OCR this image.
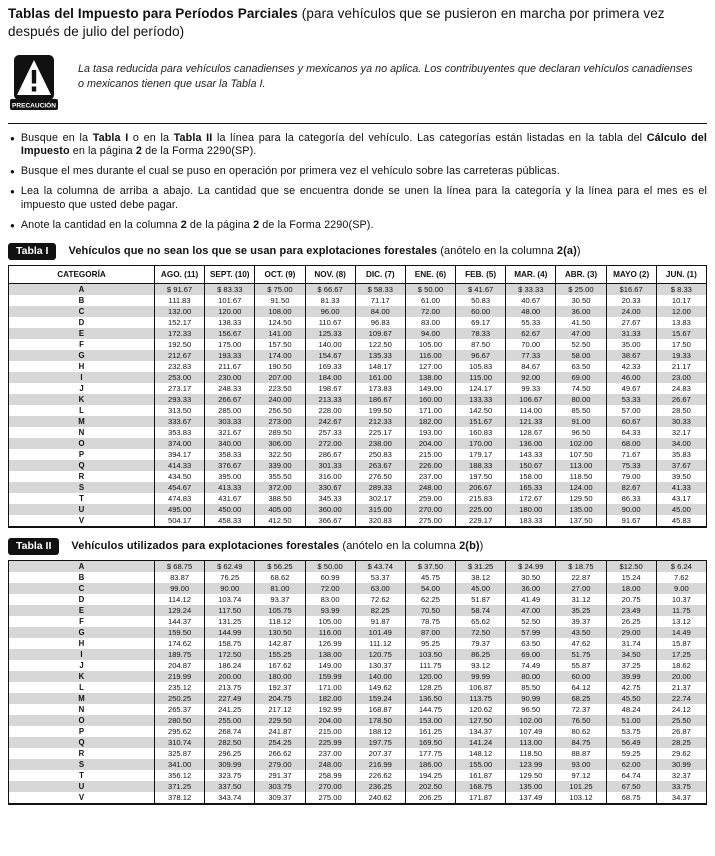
Tablas del Impuesto para Períodos Parciales (para vehículos que se pusieron en marcha por primera vez después de julio del período)
PRECAUCIÓN
La tasa reducida para vehículos canadienses y mexicanos ya no aplica. Los contribuyentes que declaran vehículos canadienses o mexicanos tienen que usar la Tabla I.
● Busque en la Tabla I o en la Tabla II la línea para la categoría del vehículo. Las categorías están listadas en la tabla del Cálculo del Impuesto en la página 2 de la Forma 2290(SP).
● Busque el mes durante el cual se puso en operación por primera vez el vehículo sobre las carreteras públicas.
● Lea la columna de arriba a abajo. La cantidad que se encuentra donde se unen la línea para la categoría y la línea para el mes es el impuesto que usted debe pagar.
● Anote la cantidad en la columna 2 de la página 2 de la Forma 2290(SP).
Tabla I	Vehículos que no sean los que se usan para explotaciones forestales (anótelo en la columna 2(a))
CATEGORÍA	AGO. (11)	SEPT. (10)	OCT. (9)	NOV. (8)	DIC. (7)	ENE. (6)	FEB. (5)	MAR. (4)	ABR. (3)	MAYO (2)	JUN. (1)
A	$ 91.67	$ 83.33	$ 75.00	$ 66.67	$ 58.33	$ 50.00	$ 41.67	$ 33.33	$ 25.00	$16.67	$ 8.33
B	111.83	101.67	91.50	81.33	71.17	61.00	50.83	40.67	30.50	20.33	10.17
C	132.00	120.00	108.00	96.00	84.00	72.00	60.00	48.00	36.00	24.00	12.00
D	152.17	138.33	124.50	110.67	96.83	83.00	69.17	55.33	41.50	27.67	13.83
E	172.33	156.67	141.00	125.33	109.67	94.00	78.33	62.67	47.00	31.33	15.67
F	192.50	175.00	157.50	140.00	122.50	105.00	87.50	70.00	52.50	35.00	17.50
G	212.67	193.33	174.00	154.67	135.33	116.00	96.67	77.33	58.00	38.67	19.33
H	232.83	211.67	190.50	169.33	148.17	127.00	105.83	84.67	63.50	42.33	21.17
I	253.00	230.00	207.00	184.00	161.00	138.00	115.00	92.00	69.00	46.00	23.00
J	273.17	248.33	223.50	198.67	173.83	149.00	124.17	99.33	74.50	49.67	24.83
K	293.33	266.67	240.00	213.33	186.67	160.00	133.33	106.67	80.00	53.33	26.67
L	313.50	285.00	256.50	228.00	199.50	171.00	142.50	114.00	85.50	57.00	28.50
M	333.67	303.33	273.00	242.67	212.33	182.00	151.67	121.33	91.00	60.67	30.33
N	353.83	321.67	289.50	257.33	225.17	193.00	160.83	128.67	96.50	64.33	32.17
O	374.00	340.00	306.00	272.00	238.00	204.00	170.00	136.00	102.00	68.00	34.00
P	394.17	358.33	322.50	286.67	250.83	215.00	179.17	143.33	107.50	71.67	35.83
Q	414.33	376.67	339.00	301.33	263.67	226.00	188.33	150.67	113.00	75.33	37.67
R	434.50	395.00	355.50	316.00	276.50	237.00	197.50	158.00	118.50	79.00	39.50
S	454.67	413.33	372.00	330.67	289.33	248.00	206.67	165.33	124.00	82.67	41.33
T	474.83	431.67	388.50	345.33	302.17	259.00	215.83	172.67	129.50	86.33	43.17
U	495.00	450.00	405.00	360.00	315.00	270.00	225.00	180.00	135.00	90.00	45.00
V	504.17	458.33	412.50	366.67	320.83	275.00	229.17	183.33	137.50	91.67	45.83
Tabla II	Vehículos utilizados para explotaciones forestales (anótelo en la columna 2(b))
A	$ 68.75	$ 62.49	$ 56.25	$ 50.00	$ 43.74	$ 37.50	$ 31.25	$ 24.99	$ 18.75	$12.50	$ 6.24
B	83.87	76.25	68.62	60.99	53.37	45.75	38.12	30.50	22.87	15.24	7.62
C	99.00	90.00	81.00	72.00	63.00	54.00	45.00	36.00	27.00	18.00	9.00
D	114.12	103.74	93.37	83.00	72.62	62.25	51.87	41.49	31.12	20.75	10.37
E	129.24	117.50	105.75	93.99	82.25	70.50	58.74	47.00	35.25	23.49	11.75
F	144.37	131.25	118.12	105.00	91.87	78.75	65.62	52.50	39.37	26.25	13.12
G	159.50	144.99	130.50	116.00	101.49	87.00	72.50	57.99	43.50	29.00	14.49
H	174.62	158.75	142.87	126.99	111.12	95.25	79.37	63.50	47.62	31.74	15.87
I	189.75	172.50	155.25	138.00	120.75	103.50	86.25	69.00	51.75	34.50	17.25
J	204.87	186.24	167.62	149.00	130.37	111.75	93.12	74.49	55.87	37.25	18.62
K	219.99	200.00	180.00	159.99	140.00	120.00	99.99	80.00	60.00	39.99	20.00
L	235.12	213.75	192.37	171.00	149.62	128.25	106.87	85.50	64.12	42.75	21.37
M	250.25	227.49	204.75	182.00	159.24	136.50	113.75	90.99	68.25	45.50	22.74
N	265.37	241.25	217.12	192.99	168.87	144.75	120.62	96.50	72.37	48.24	24.12
O	280.50	255.00	229.50	204.00	178.50	153.00	127.50	102.00	76.50	51.00	25.50
P	295.62	268.74	241.87	215.00	188.12	161.25	134.37	107.49	80.62	53.75	26.87
Q	310.74	282.50	254.25	225.99	197.75	169.50	141.24	113.00	84.75	56.49	28.25
R	325.87	296.25	266.62	237.00	207.37	177.75	148.12	118.50	88.87	59.25	29.62
S	341.00	309.99	279.00	248.00	216.99	186.00	155.00	123.99	93.00	62.00	30.99
T	356.12	323.75	291.37	258.99	226.62	194.25	161.87	129.50	97.12	64.74	32.37
U	371.25	337.50	303.75	270.00	236.25	202.50	168.75	135.00	101.25	67.50	33.75
V	378.12	343.74	309.37	275.00	240.62	206.25	171.87	137.49	103.12	68.75	34.37
